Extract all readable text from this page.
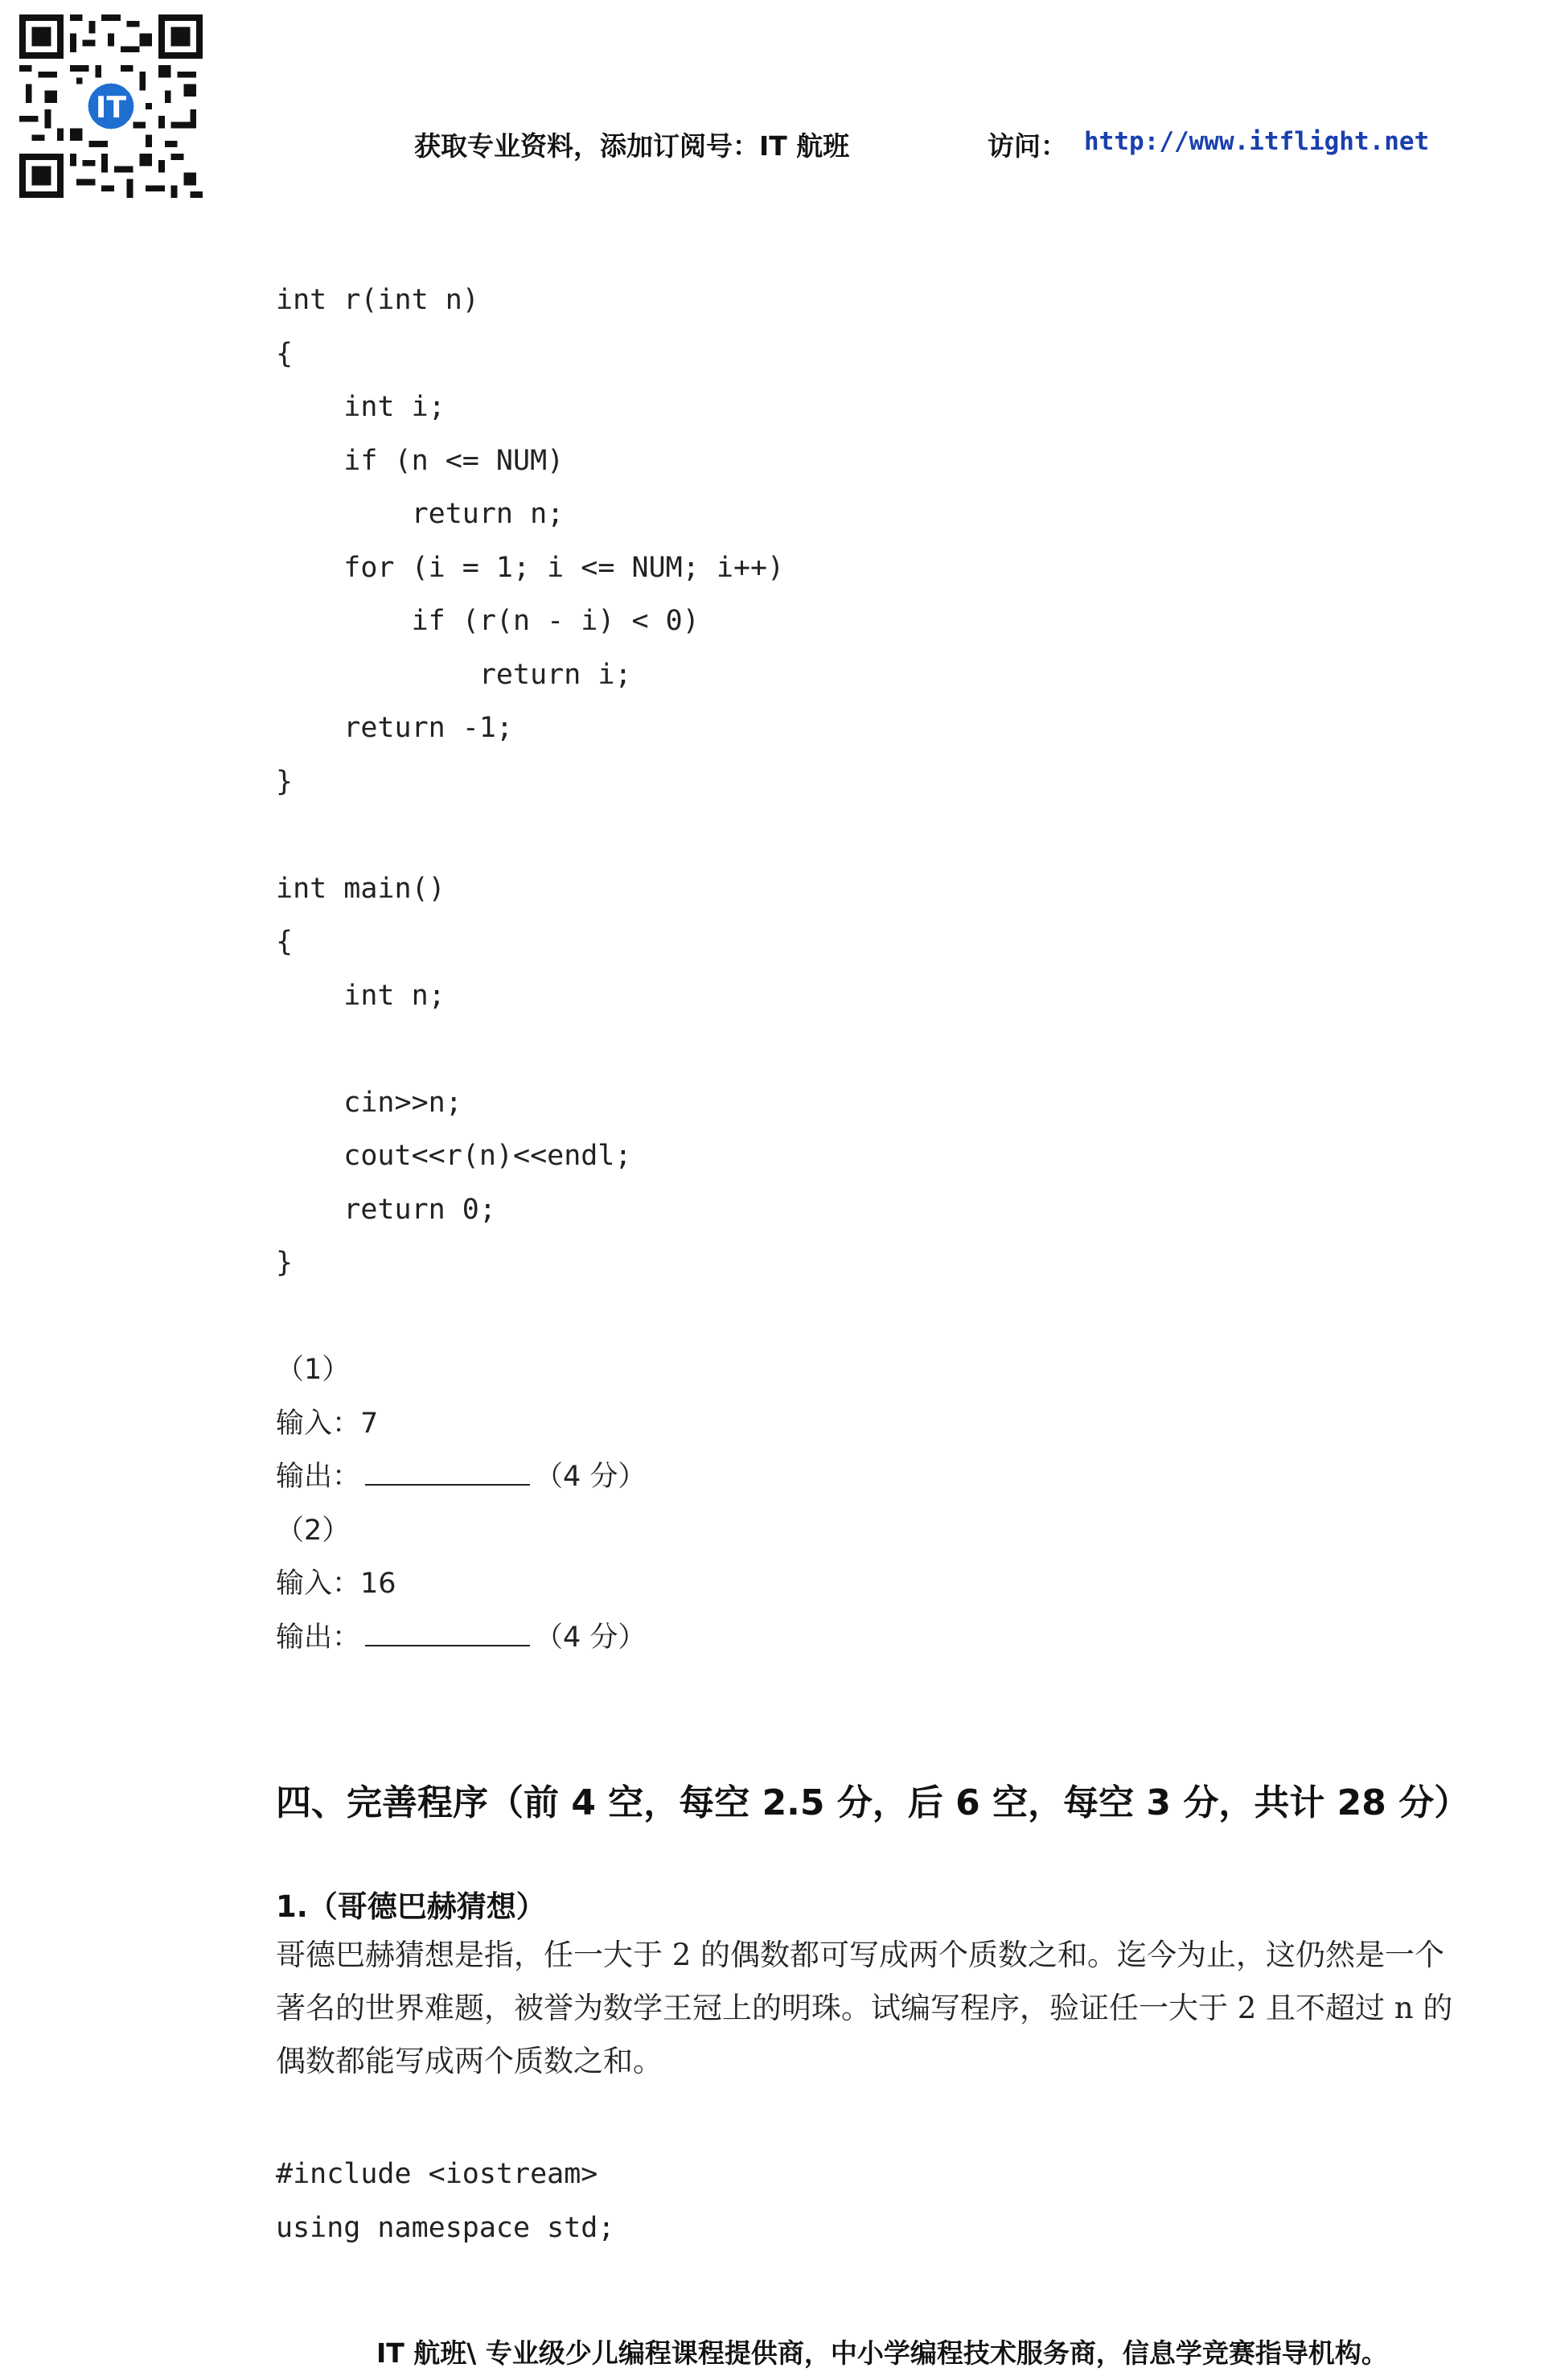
IT
获取专业资料，添加订阅号：IT 航班	访问： http://www.itflight.net
int r(int n)
{
int i;
if (n <= NUM)
return n;
for (i = 1; i <= NUM; i++)
if (r(n - i) < 0)
return i;
return -1;
}
int main()
{
int n;
cin>>n;
cout<<r(n)<<endl;
return 0;
}
（1）
输入：7
输出：	（4 分）
（2）
输入：16
输出：	（4 分）
四、完善程序（前 4 空，每空 2.5 分，后 6 空，每空 3 分，共计 28 分）
1.（哥德巴赫猜想）

哥德巴赫猜想是指，任一大于 2 的偶数都可写成两个质数之和。迄今为止，这仍然是一个
著名的世界难题，被誉为数学王冠上的明珠。试编写程序，验证任一大于 2 且不超过 n 的
偶数都能写成两个质数之和。

#include <iostream>
using namespace std;
IT 航班\ 专业级少儿编程课程提供商，中小学编程技术服务商，信息学竞赛指导机构。
